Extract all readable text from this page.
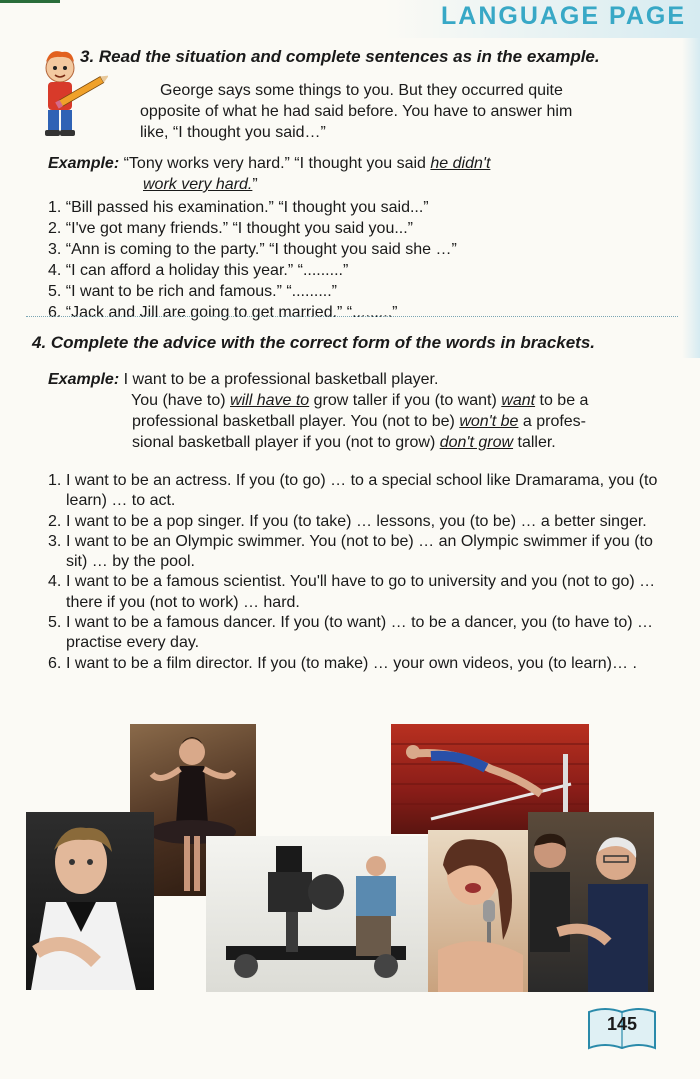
LANGUAGE PAGE

3. Read the situation and complete sentences as in the example.

George says some things to you. But they occurred quite
opposite of what he had said before. You have to answer him
like, “I thought you said…”

Example: “Tony works very hard.” “I thought you said he didn't
work very hard.”
1. “Bill passed his examination.” “I thought you said...”
2. “I've got many friends.” “I thought you said you...”
3. “Ann is coming to the party.” “I thought you said she …”
4. “I can afford a holiday this year.” “.........”
5. “I want to be rich and famous.” “.........”
6. “Jack and Jill are going to get married.” “.........”

4. Complete the advice with the correct form of the words in brackets.

Example: I want to be a professional basketball player.
You (have to) will have to grow taller if you (to want) want to be a
professional basketball player. You (not to be) won't be a profes-
sional basketball player if you (not to grow) don't grow taller.
1. I want to be an actress. If you (to go) … to a special school like Dramarama, you (to learn) … to act.
2. I want to be a pop singer. If you (to take) … lessons, you (to be) … a better singer.
3. I want to be an Olympic swimmer. You (not to be) … an Olympic swimmer if you (to sit) … by the pool.
4. I want to be a famous scientist. You'll have to go to university and you (not to go) … there if you (not to work) … hard.
5. I want to be a famous dancer. If you (to want) … to be a dancer, you (to have to) … practise every day.
6. I want to be a film director. If you (to make) … your own videos, you (to learn)… .
145
